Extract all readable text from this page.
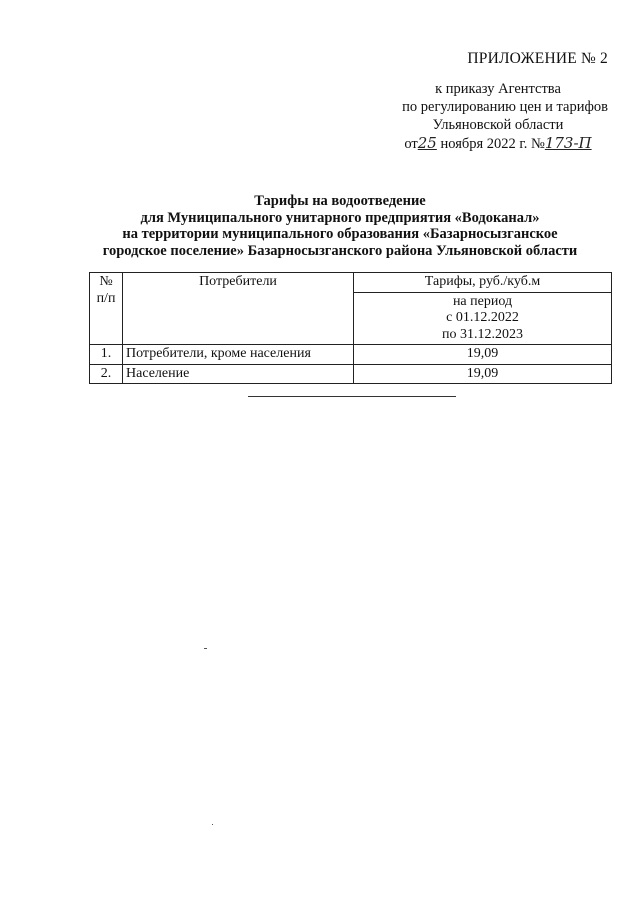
ПРИЛОЖЕНИЕ № 2
к приказу Агентства
по регулированию цен и тарифов
Ульяновской области
от25 ноября 2022 г. №173-П
Тарифы на водоотведение
для Муниципального унитарного предприятия «Водоканал»
на территории муниципального образования «Базарносызганское
городское поселение» Базарносызганского района Ульяновской области
№
п/п	Потребители	Тарифы, руб./куб.м
		на период
с 01.12.2022
по 31.12.2023
1.	Потребители, кроме населения	19,09
2.	Население	19,09
